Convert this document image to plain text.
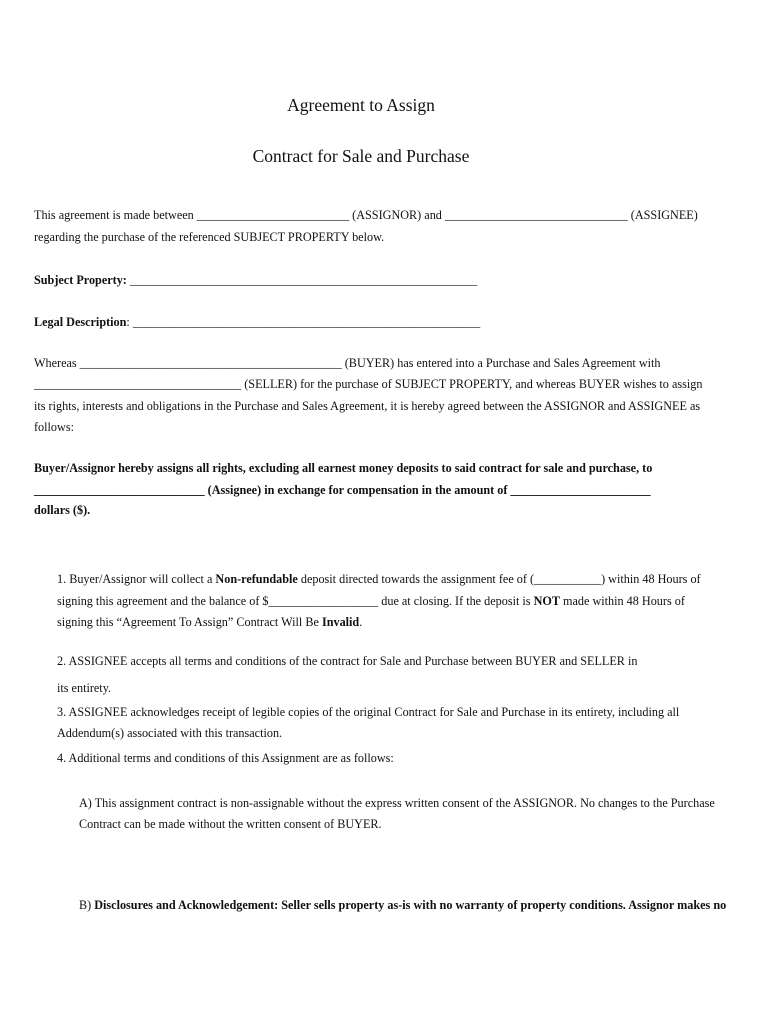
Agreement to Assign
Contract for Sale and Purchase
This agreement is made between _________________________ (ASSIGNOR) and ______________________________ (ASSIGNEE)
regarding the purchase of the referenced SUBJECT PROPERTY below.
Subject Property: _________________________________________________________
Legal Description: _________________________________________________________
Whereas ___________________________________________ (BUYER) has entered into a Purchase and Sales Agreement with
__________________________________ (SELLER) for the purchase of SUBJECT PROPERTY, and whereas BUYER wishes to assign
its rights, interests and obligations in the Purchase and Sales Agreement, it is hereby agreed between the ASSIGNOR and ASSIGNEE as
follows:
Buyer/Assignor hereby assigns all rights, excluding all earnest money deposits to said contract for sale and purchase, to
____________________________ (Assignee) in exchange for compensation in the amount of _______________________
dollars ($).
1. Buyer/Assignor will collect a Non-refundable deposit directed towards the assignment fee of (___________) within 48 Hours of
signing this agreement and the balance of $__________________ due at closing. If the deposit is NOT made within 48 Hours of
signing this “Agreement To Assign” Contract Will Be Invalid.
2. ASSIGNEE accepts all terms and conditions of the contract for Sale and Purchase between BUYER and SELLER in
its entirety.
3. ASSIGNEE acknowledges receipt of legible copies of the original Contract for Sale and Purchase in its entirety, including all
Addendum(s) associated with this transaction.
4. Additional terms and conditions of this Assignment are as follows:
A) This assignment contract is non-assignable without the express written consent of the ASSIGNOR. No changes to the Purchase
Contract can be made without the written consent of BUYER.
B) Disclosures and Acknowledgement: Seller sells property as-is with no warranty of property conditions. Assignor makes no
